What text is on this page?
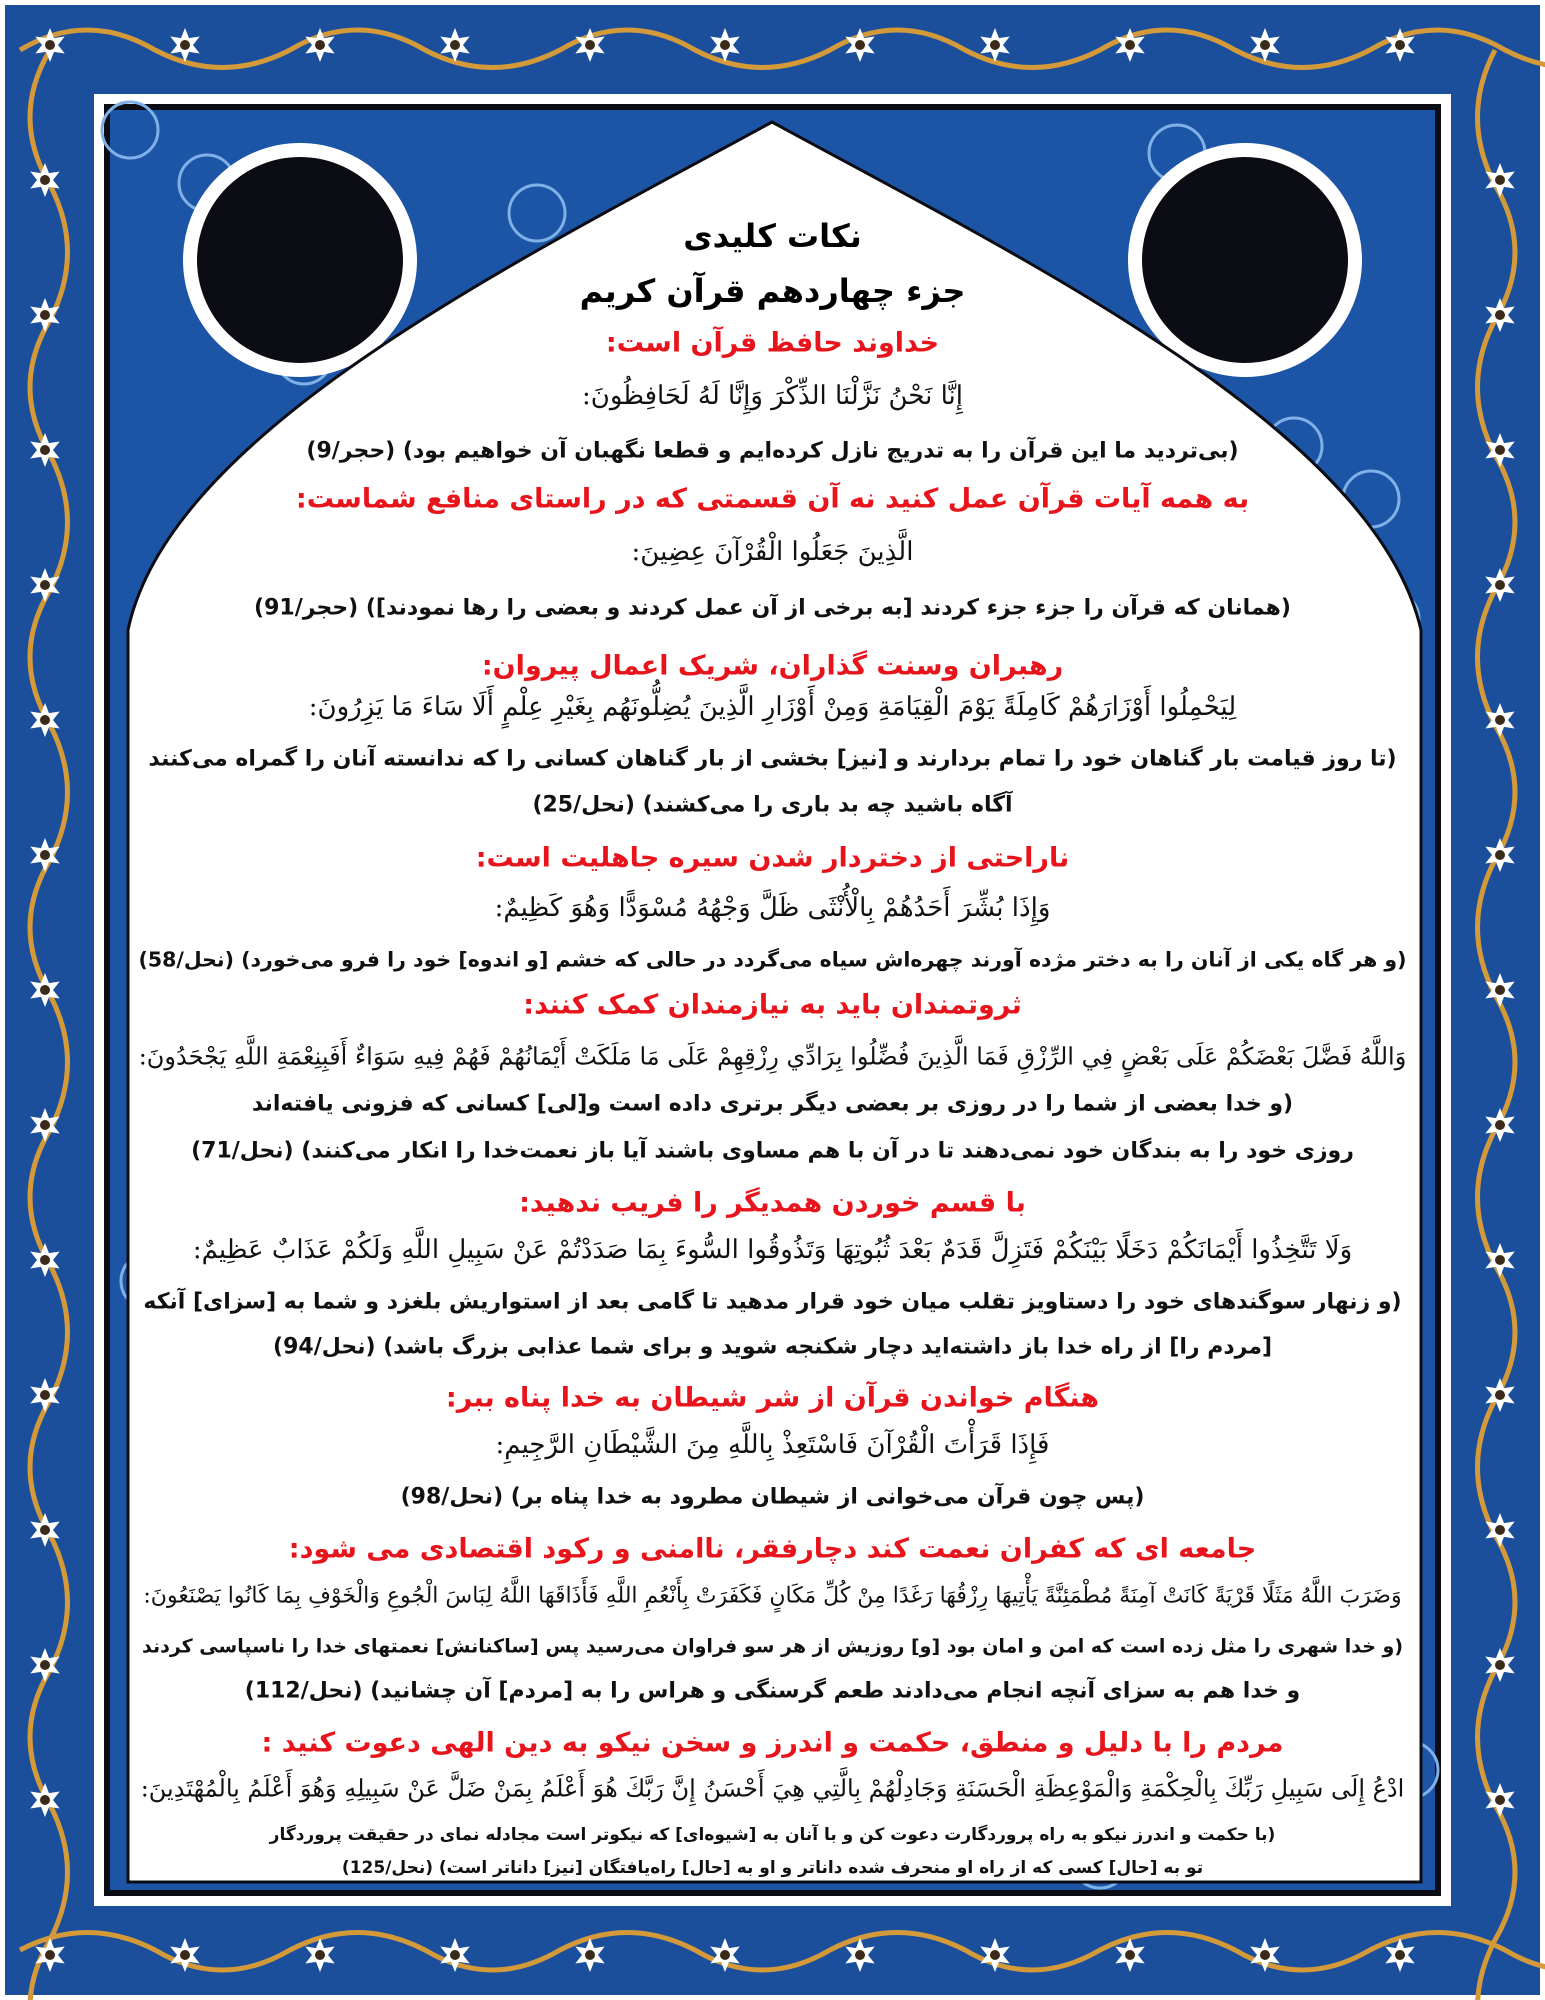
نکات کلیدی
جزء چهاردهم قرآن کریم
خداوند حافظ قرآن است:
إِنَّا نَحْنُ نَزَّلْنَا الذِّكْرَ وَإِنَّا لَهُ لَحَافِظُونَ:
(بی‌تردید ما این قرآن را به تدریج نازل کرده‌ایم و قطعا نگهبان آن خواهیم بود) (حجر/9)
به همه آیات قرآن عمل کنید نه آن قسمتی که در راستای منافع شماست:
الَّذِينَ جَعَلُوا الْقُرْآنَ عِضِينَ:
(همانان که قرآن را جزء جزء کردند [به برخی از آن عمل کردند و بعضی را رها نمودند]) (حجر/91)
رهبران وسنت گذاران، شریک اعمال پیروان:
لِيَحْمِلُوا أَوْزَارَهُمْ كَامِلَةً يَوْمَ الْقِيَامَةِ وَمِنْ أَوْزَارِ الَّذِينَ يُضِلُّونَهُم بِغَيْرِ عِلْمٍ أَلَا سَاءَ مَا يَزِرُونَ:
(تا روز قیامت بار گناهان خود را تمام بردارند و [نیز] بخشی از بار گناهان کسانی را که ندانسته آنان را گمراه می‌کنند
آگاه باشید چه بد باری را می‌کشند) (نحل/25)
ناراحتی از دختردار شدن سیره جاهلیت است:
وَإِذَا بُشِّرَ أَحَدُهُمْ بِالْأُنْثَى ظَلَّ وَجْهُهُ مُسْوَدًّا وَهُوَ كَظِيمٌ:
(و هر گاه یکی از آنان را به دختر مژده آورند چهره‌اش سیاه می‌گردد در حالی که خشم [و اندوه] خود را فرو می‌خورد) (نحل/58)
ثروتمندان باید به نیازمندان کمک کنند:
وَاللَّهُ فَضَّلَ بَعْضَكُمْ عَلَى بَعْضٍ فِي الرِّزْقِ فَمَا الَّذِينَ فُضِّلُوا بِرَادِّي رِزْقِهِمْ عَلَى مَا مَلَكَتْ أَيْمَانُهُمْ فَهُمْ فِيهِ سَوَاءٌ أَفَبِنِعْمَةِ اللَّهِ يَجْحَدُونَ:
(و خدا بعضی از شما را در روزی بر بعضی دیگر برتری داده است و[لی] کسانی که فزونی یافته‌اند
روزی خود را به بندگان خود نمی‌دهند تا در آن با هم مساوی باشند آیا باز نعمت‌خدا را انکار می‌کنند) (نحل/71)
با قسم خوردن همدیگر را فریب ندهید:
وَلَا تَتَّخِذُوا أَيْمَانَكُمْ دَخَلًا بَيْنَكُمْ فَتَزِلَّ قَدَمٌ بَعْدَ ثُبُوتِهَا وَتَذُوقُوا السُّوءَ بِمَا صَدَدْتُمْ عَنْ سَبِيلِ اللَّهِ وَلَكُمْ عَذَابٌ عَظِيمٌ:
(و زنهار سوگندهای خود را دستاویز تقلب میان خود قرار مدهید تا گامی بعد از استواریش بلغزد و شما به [سزای] آنکه
[مردم را] از راه خدا باز داشته‌اید دچار شکنجه شوید و برای شما عذابی بزرگ باشد) (نحل/94)
هنگام خواندن قرآن از شر شیطان به خدا پناه ببر:
فَإِذَا قَرَأْتَ الْقُرْآنَ فَاسْتَعِذْ بِاللَّهِ مِنَ الشَّيْطَانِ الرَّجِيمِ:
(پس چون قرآن می‌خوانی از شیطان مطرود به خدا پناه بر) (نحل/98)
جامعه ای که کفران نعمت کند دچارفقر، ناامنی و رکود اقتصادی می شود:
وَضَرَبَ اللَّهُ مَثَلًا قَرْيَةً كَانَتْ آمِنَةً مُطْمَئِنَّةً يَأْتِيهَا رِزْقُهَا رَغَدًا مِنْ كُلِّ مَكَانٍ فَكَفَرَتْ بِأَنْعُمِ اللَّهِ فَأَذَاقَهَا اللَّهُ لِبَاسَ الْجُوعِ وَالْخَوْفِ بِمَا كَانُوا يَصْنَعُونَ:
(و خدا شهری را مثل زده است که امن و امان بود [و] روزیش از هر سو فراوان می‌رسید پس [ساکنانش] نعمتهای خدا را ناسپاسی کردند
و خدا هم به سزای آنچه انجام می‌دادند طعم گرسنگی و هراس را به [مردم] آن چشانید) (نحل/112)
مردم را با دلیل و منطق، حکمت و اندرز و سخن نیکو به دین الهی دعوت کنید :
ادْعُ إِلَى سَبِيلِ رَبِّكَ بِالْحِكْمَةِ وَالْمَوْعِظَةِ الْحَسَنَةِ وَجَادِلْهُمْ بِالَّتِي هِيَ أَحْسَنُ إِنَّ رَبَّكَ هُوَ أَعْلَمُ بِمَنْ ضَلَّ عَنْ سَبِيلِهِ وَهُوَ أَعْلَمُ بِالْمُهْتَدِينَ:
(با حکمت و اندرز نیکو به راه پروردگارت دعوت کن و با آنان به [شیوه‌ای] که نیکوتر است مجادله نمای در حقیقت پروردگار
تو به [حال] کسی که از راه او منحرف شده داناتر و او به [حال] راه‌یافتگان [نیز] داناتر است) (نحل/125)
